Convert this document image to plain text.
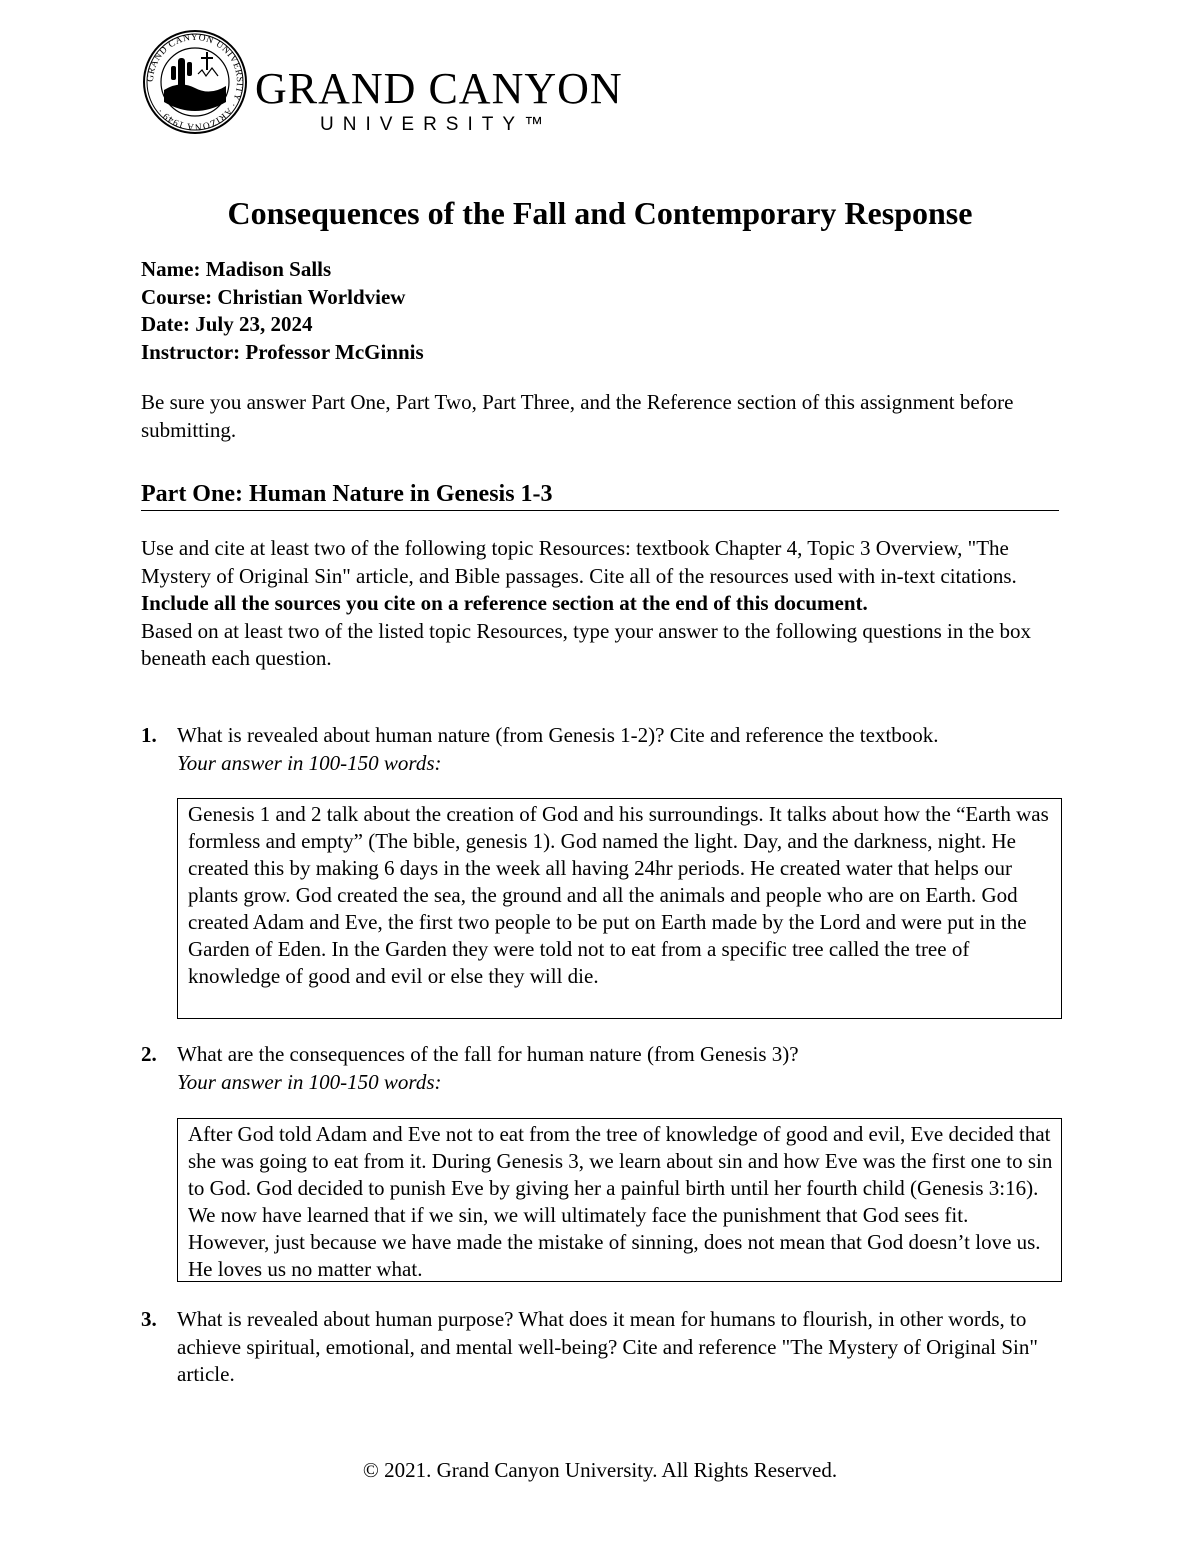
GRAND CANYON UNIVERSITY · ARIZONA 1949 ·	GRAND CANYON
UNIVERSITY™
Consequences of the Fall and Contemporary Response
Name: Madison Salls
Course: Christian Worldview
Date: July 23, 2024
Instructor: Professor McGinnis
Be sure you answer Part One, Part Two, Part Three, and the Reference section of this assignment before submitting.
Part One: Human Nature in Genesis 1-3
Use and cite at least two of the following topic Resources: textbook Chapter 4, Topic 3 Overview, "The Mystery of Original Sin" article, and Bible passages. Cite all of the resources used with in-text citations. Include all the sources you cite on a reference section at the end of this document.
Based on at least two of the listed topic Resources, type your answer to the following questions in the box beneath each question.
1. What is revealed about human nature (from Genesis 1-2)? Cite and reference the textbook.
Your answer in 100-150 words:
Genesis 1 and 2 talk about the creation of God and his surroundings. It talks about how the “Earth was formless and empty” (The bible, genesis 1). God named the light. Day, and the darkness, night. He created this by making 6 days in the week all having 24hr periods. He created water that helps our plants grow. God created the sea, the ground and all the animals and people who are on Earth. God created Adam and Eve, the first two people to be put on Earth made by the Lord and were put in the Garden of Eden. In the Garden they were told not to eat from a specific tree called the tree of knowledge of good and evil or else they will die.
2. What are the consequences of the fall for human nature (from Genesis 3)?
Your answer in 100-150 words:
After God told Adam and Eve not to eat from the tree of knowledge of good and evil, Eve decided that she was going to eat from it. During Genesis 3, we learn about sin and how Eve was the first one to sin to God. God decided to punish Eve by giving her a painful birth until her fourth child (Genesis 3:16). We now have learned that if we sin, we will ultimately face the punishment that God sees fit. However, just because we have made the mistake of sinning, does not mean that God doesn’t love us. He loves us no matter what.
3. What is revealed about human purpose? What does it mean for humans to flourish, in other words, to achieve spiritual, emotional, and mental well-being? Cite and reference "The Mystery of Original Sin" article.
© 2021. Grand Canyon University. All Rights Reserved.
